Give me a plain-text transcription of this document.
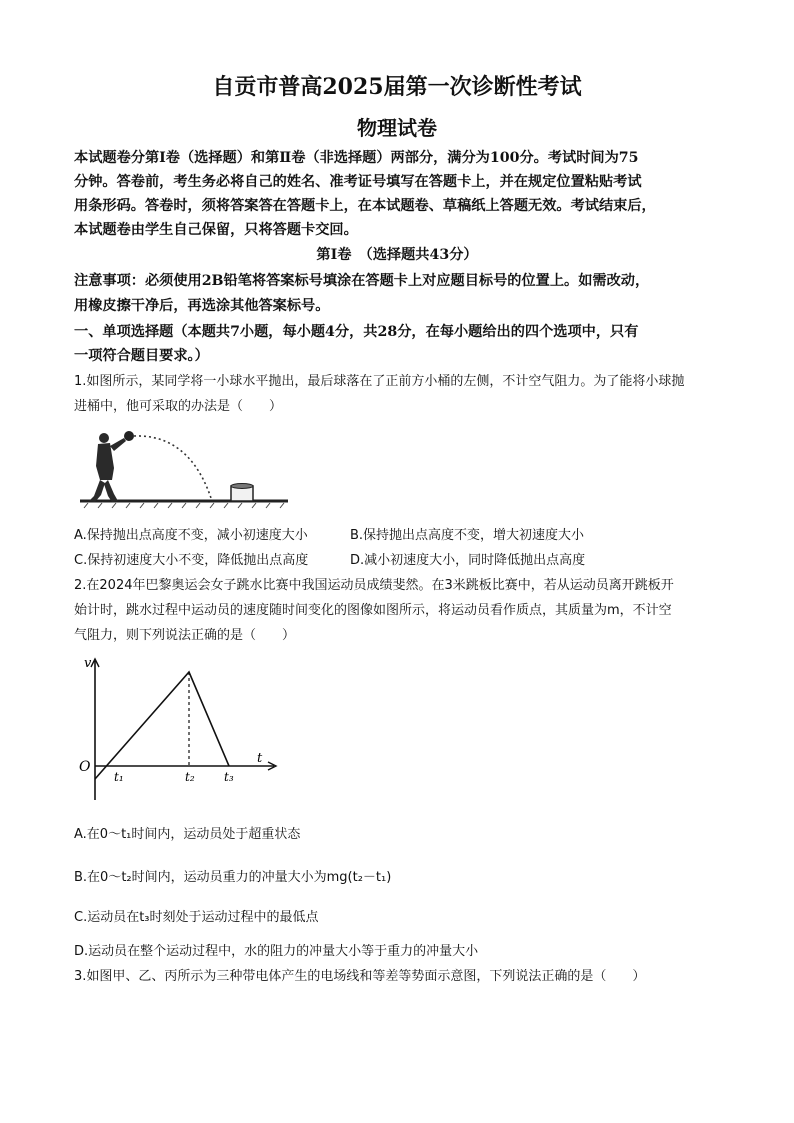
自贡市普高2025届第一次诊断性考试
物理试卷
本试题卷分第Ⅰ卷（选择题）和第Ⅱ卷（非选择题）两部分，满分为100分。考试时间为75
分钟。答卷前，考生务必将自己的姓名、准考证号填写在答题卡上，并在规定位置粘贴考试
用条形码。答卷时，须将答案答在答题卡上，在本试题卷、草稿纸上答题无效。考试结束后，
本试题卷由学生自己保留，只将答题卡交回。
第Ⅰ卷　（选择题共43分）
注意事项：必须使用2B铅笔将答案标号填涂在答题卡上对应题目标号的位置上。如需改动，
用橡皮擦干净后，再选涂其他答案标号。
一、单项选择题（本题共7小题，每小题4分，共28分，在每小题给出的四个选项中，只有
一项符合题目要求。）
1.如图所示，某同学将一小球水平抛出，最后球落在了正前方小桶的左侧，不计空气阻力。为了能将小球抛
进桶中，他可采取的办法是（　　）
A.保持抛出点高度不变，减小初速度大小	B.保持抛出点高度不变，增大初速度大小
C.保持初速度大小不变，降低抛出点高度	D.减小初速度大小，同时降低抛出点高度
2.在2024年巴黎奥运会女子跳水比赛中我国运动员成绩斐然。在3米跳板比赛中，若从运动员离开跳板开
始计时，跳水过程中运动员的速度随时间变化的图像如图所示，将运动员看作质点，其质量为m，不计空
气阻力，则下列说法正确的是（　　）
v
t
O
t₁	t₂ t₃
A.在0～t₁时间内，运动员处于超重状态
B.在0～t₂时间内，运动员重力的冲量大小为mg(t₂－t₁)
C.运动员在t₃时刻处于运动过程中的最低点
D.运动员在整个运动过程中，水的阻力的冲量大小等于重力的冲量大小
3.如图甲、乙、丙所示为三种带电体产生的电场线和等差等势面示意图，下列说法正确的是（　　）
